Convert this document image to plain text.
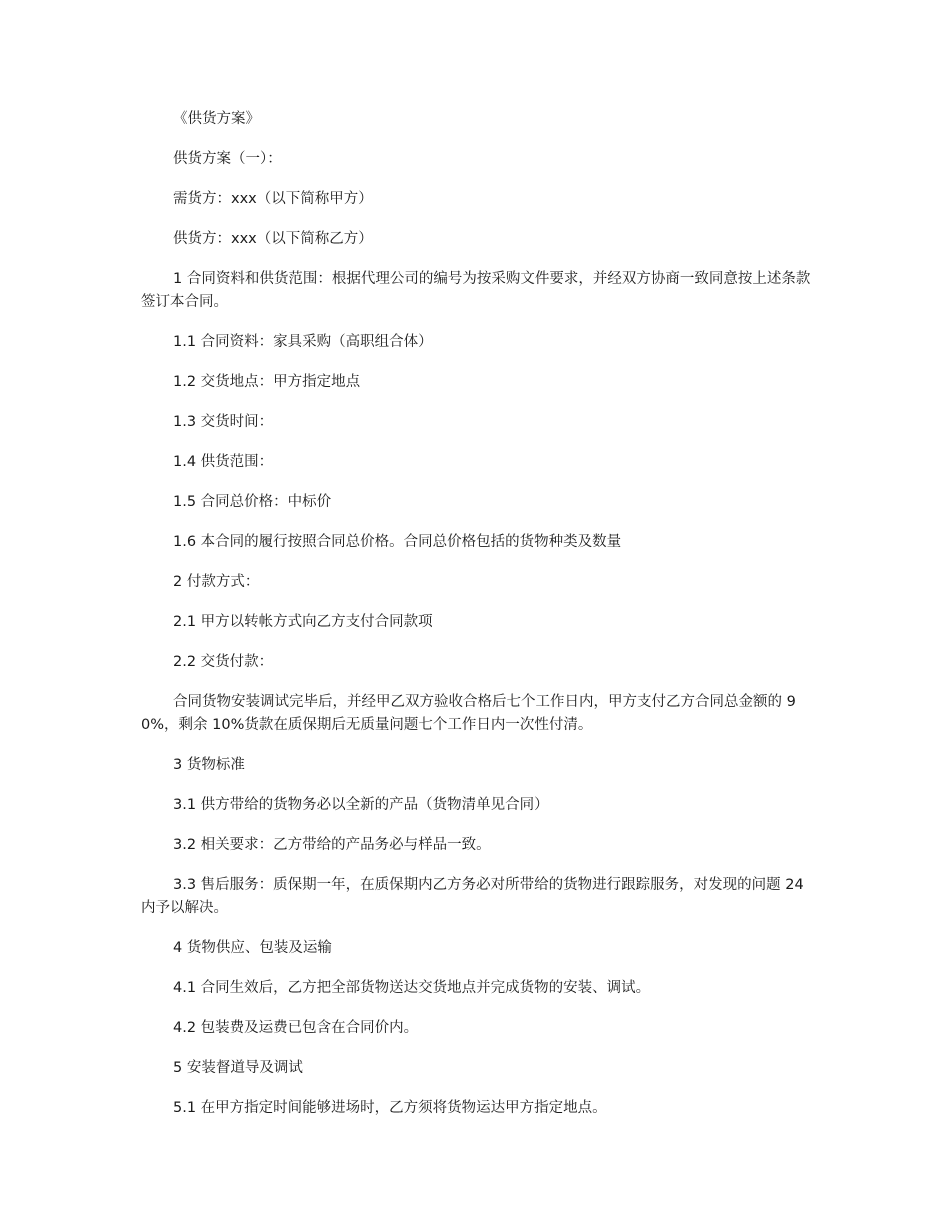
《供货方案》

供货方案（一）：

需货方：xxx（以下简称甲方）

供货方：xxx（以下简称乙方）

1 合同资料和供货范围：根据代理公司的编号为按采购文件要求，并经双方协商一致同意按上述条款签订本合同。

1.1 合同资料：家具采购（高职组合体）

1.2 交货地点：甲方指定地点

1.3 交货时间：

1.4 供货范围：

1.5 合同总价格：中标价

1.6 本合同的履行按照合同总价格。合同总价格包括的货物种类及数量

2 付款方式：

2.1 甲方以转帐方式向乙方支付合同款项

2.2 交货付款：

合同货物安装调试完毕后，并经甲乙双方验收合格后七个工作日内，甲方支付乙方合同总金额的 90%，剩余 10%货款在质保期后无质量问题七个工作日内一次性付清。

3 货物标准

3.1 供方带给的货物务必以全新的产品（货物清单见合同）

3.2 相关要求：乙方带给的产品务必与样品一致。

3.3 售后服务：质保期一年，在质保期内乙方务必对所带给的货物进行跟踪服务，对发现的问题 24 内予以解决。

4 货物供应、包装及运输

4.1 合同生效后，乙方把全部货物送达交货地点并完成货物的安装、调试。

4.2 包装费及运费已包含在合同价内。

5 安装督道导及调试

5.1 在甲方指定时间能够进场时，乙方须将货物运达甲方指定地点。
